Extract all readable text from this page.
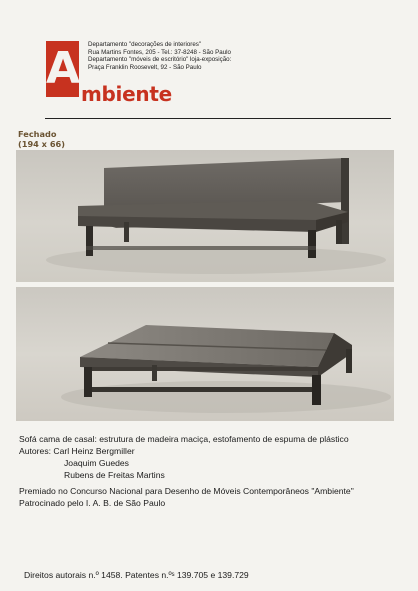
A mbiente
Departamento "decorações de interiores"
Rua Martins Fontes, 205 - Tel.: 37-8248 - São Paulo
Departamento "móveis de escritório" loja-exposição:
Praça Franklin Roosevelt, 92 - São Paulo
Fechado
(194 x 66)
Sofá cama de casal: estrutura de madeira maciça, estofamento de espuma de plástico
Autores: Carl Heinz Bergmiller
Joaquim Guedes
Rubens de Freitas Martins
Premiado no Concurso Nacional para Desenho de Móveis Contemporâneos "Ambiente"
Patrocinado pelo I. A. B. de São Paulo
Direitos autorais n.º 1458. Patentes n.ºˢ 139.705 e 139.729
